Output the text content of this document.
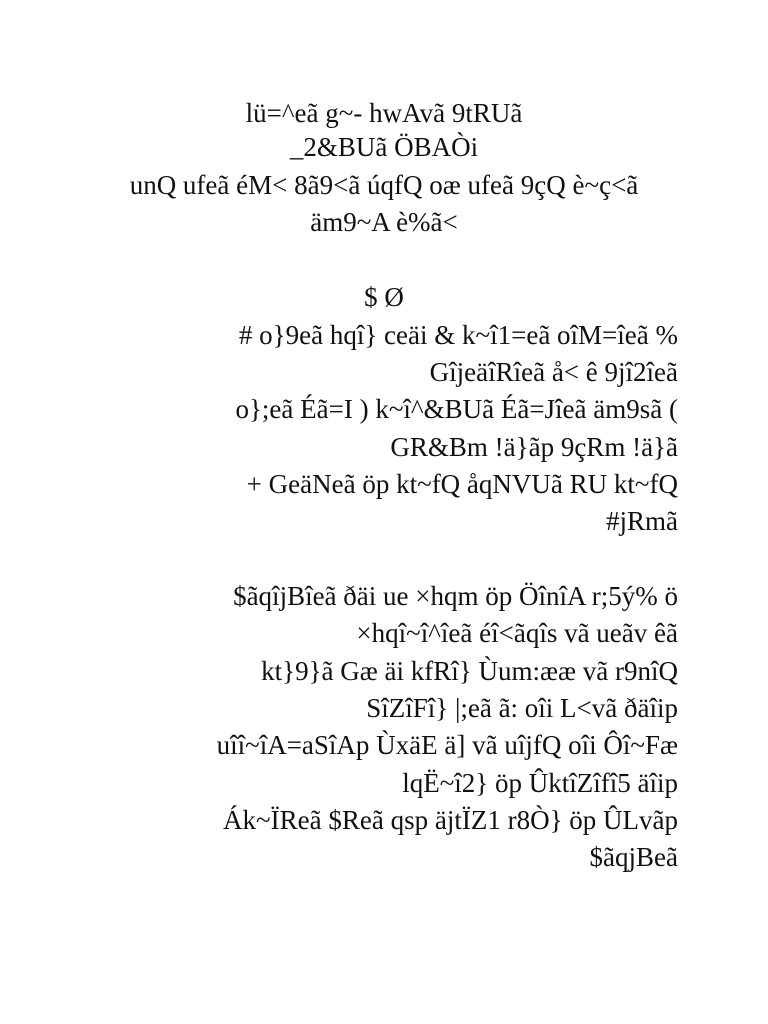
lü=^eã g~- hwAvã 9tRUã
_2&BUã ÖBAÒi
unQ ufeã éM< 8ã9<ã úqfQ oæ ufeã 9çQ è~ç<ã
äm9~A è%ã<
$ Ø
# o}9eã hqî} ceäi & k~î1=eã oîM=îeã %
GîjeäîRîeã å< ê 9jî2îeã
o};eã Éã=I ) k~î^&BUã Éã=Jîeã äm9sã (
GR&Bm !ä}ãp 9çRm !ä}ã
+ GeäNeã öp kt~fQ åqNVUã RU kt~fQ
#jRmã
$ãqîjBîeã ðäi ue ×hqm öp ÖînîA r;5ý% ö
×hqî~î^îeã éî<ãqîs vã ueãv êã
kt}9}ã Gæ äi kfRî} Ùum:ææ vã r9nîQ
SîZîFî} |;eã ã: oîi L<vã ðäîip
uîî~îA=aSîAp ÙxäE ä] vã uîjfQ oîi Ôî~Fæ
lqË~î2} öp ÛktîZîfî5 äîip
Ák~ÏReã $Reã qsp äjtÏZ1 r8Ò} öp ÛLvãp
$ãqjBeã
